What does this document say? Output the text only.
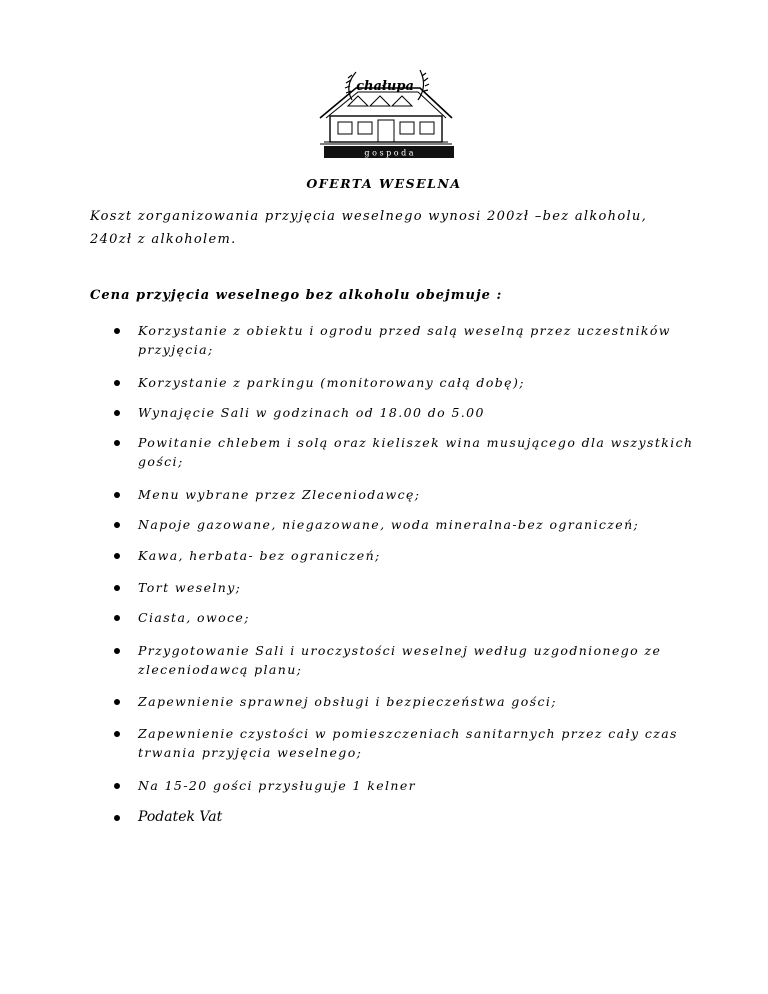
chałupa
g o s p o d a
OFERTA WESELNA
Koszt zorganizowania przyjęcia weselnego wynosi 200zł –bez alkoholu, 240zł z alkoholem.
Cena przyjęcia weselnego bez alkoholu obejmuje :
Korzystanie z obiektu i ogrodu przed salą weselną przez uczestników przyjęcia;
Korzystanie z parkingu (monitorowany całą dobę);
Wynajęcie Sali w godzinach od 18.00 do 5.00
Powitanie chlebem i solą oraz kieliszek wina musującego dla wszystkich gości;
Menu wybrane przez Zleceniodawcę;
Napoje gazowane, niegazowane, woda mineralna-bez ograniczeń;
Kawa, herbata- bez ograniczeń;
Tort weselny;
Ciasta, owoce;
Przygotowanie Sali i uroczystości weselnej według uzgodnionego ze zleceniodawcą planu;
Zapewnienie sprawnej obsługi i bezpieczeństwa gości;
Zapewnienie czystości w pomieszczeniach sanitarnych przez cały czas trwania przyjęcia weselnego;
Na 15-20 gości przysługuje 1 kelner
Podatek Vat
